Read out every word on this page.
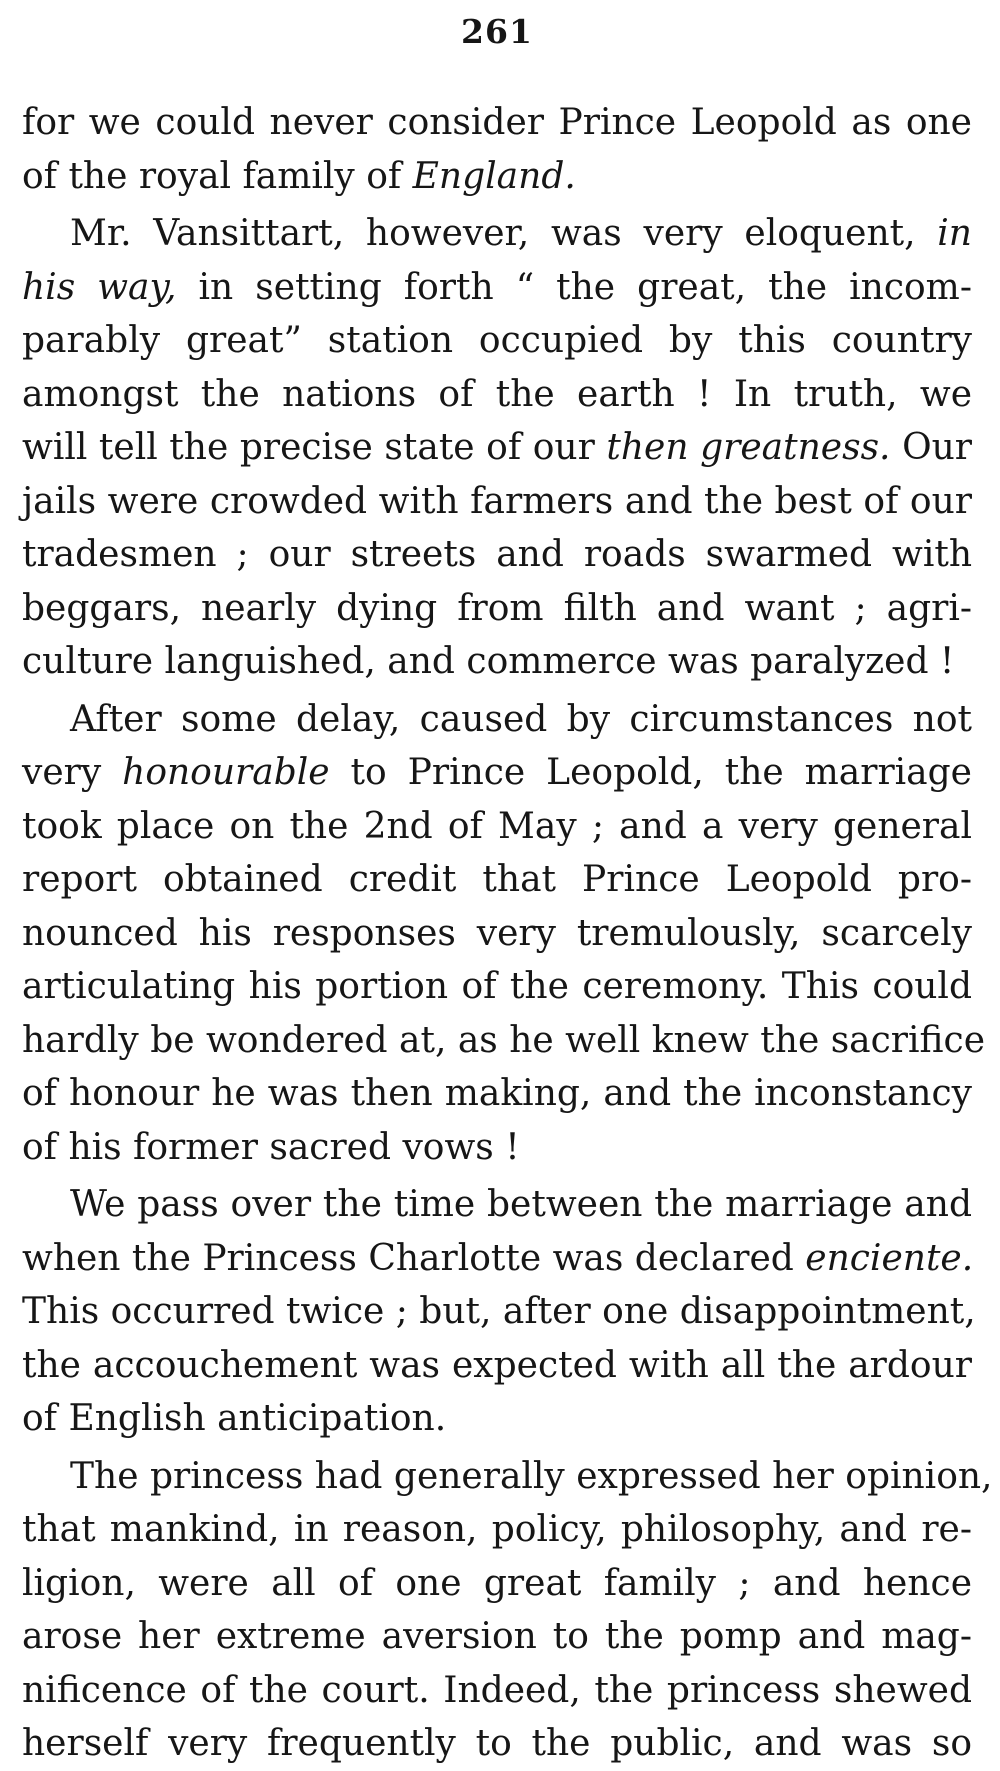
261
for we could never consider Prince Leopold as one
of the royal family of England.
Mr. Vansittart, however, was very eloquent, in
his way, in setting forth “ the great, the incom-
parably great” station occupied by this country
amongst the nations of the earth ! In truth, we
will tell the precise state of our then greatness. Our
jails were crowded with farmers and the best of our
tradesmen ; our streets and roads swarmed with
beggars, nearly dying from filth and want ; agri-
culture languished, and commerce was paralyzed !
After some delay, caused by circumstances not
very honourable to Prince Leopold, the marriage
took place on the 2nd of May ; and a very general
report obtained credit that Prince Leopold pro-
nounced his responses very tremulously, scarcely
articulating his portion of the ceremony. This could
hardly be wondered at, as he well knew the sacrifice
of honour he was then making, and the inconstancy
of his former sacred vows !
We pass over the time between the marriage and
when the Princess Charlotte was declared enciente.
This occurred twice ; but, after one disappointment,
the accouchement was expected with all the ardour
of English anticipation.
The princess had generally expressed her opinion,
that mankind, in reason, policy, philosophy, and re-
ligion, were all of one great family ; and hence
arose her extreme aversion to the pomp and mag-
nificence of the court. Indeed, the princess shewed
herself very frequently to the public, and was so
